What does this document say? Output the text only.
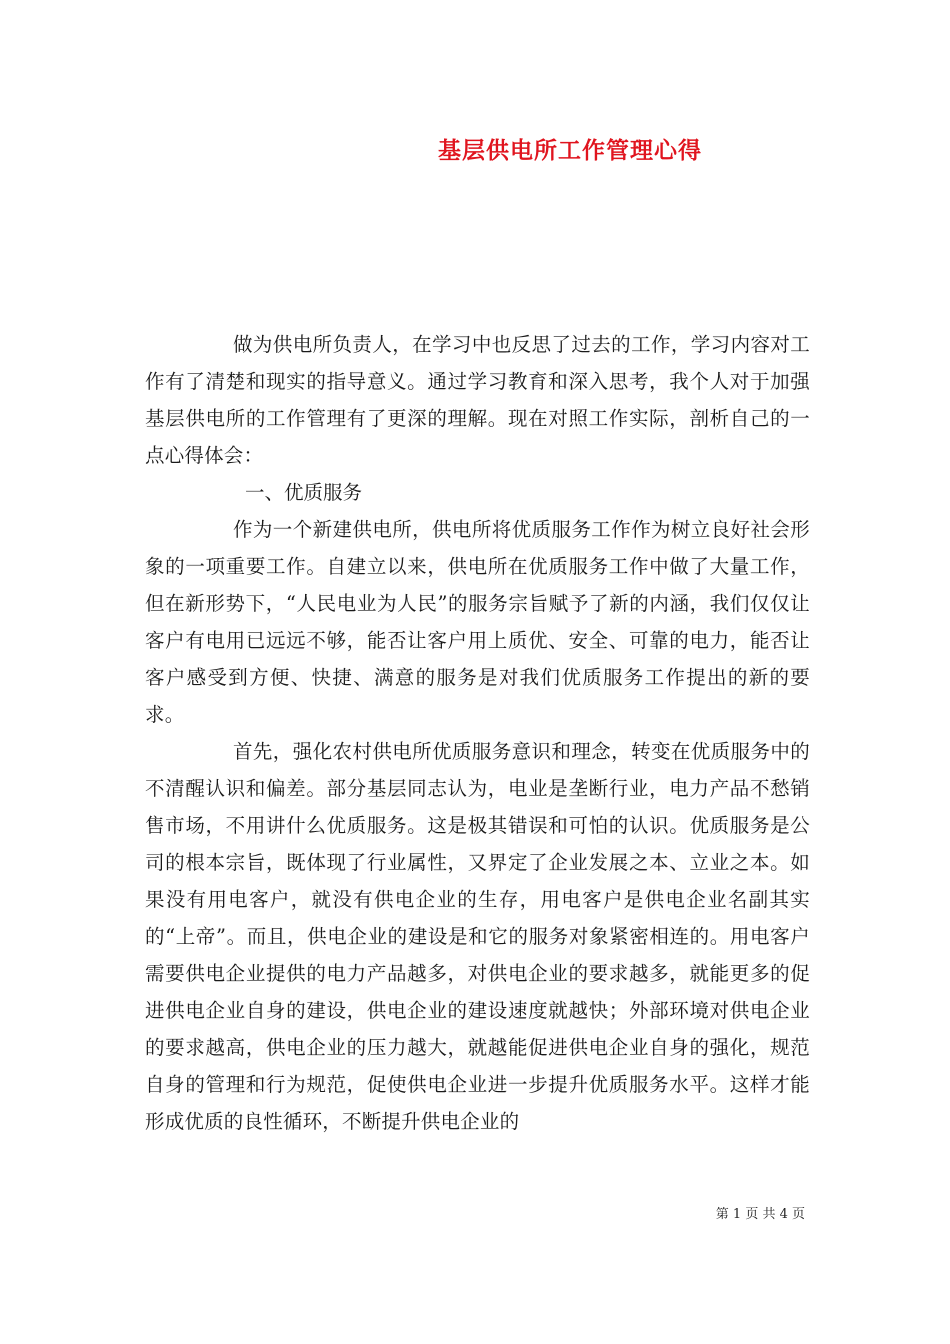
基层供电所工作管理心得

做为供电所负责人，在学习中也反思了过去的工作，学习内容对工作有了清楚和现实的指导意义。通过学习教育和深入思考，我个人对于加强基层供电所的工作管理有了更深的理解。现在对照工作实际，剖析自己的一点心得体会：

一、优质服务

作为一个新建供电所，供电所将优质服务工作作为树立良好社会形象的一项重要工作。自建立以来，供电所在优质服务工作中做了大量工作，但在新形势下，“人民电业为人民”的服务宗旨赋予了新的内涵，我们仅仅让客户有电用已远远不够，能否让客户用上质优、安全、可靠的电力，能否让客户感受到方便、快捷、满意的服务是对我们优质服务工作提出的新的要求。

首先，强化农村供电所优质服务意识和理念，转变在优质服务中的不清醒认识和偏差。部分基层同志认为，电业是垄断行业，电力产品不愁销售市场，不用讲什么优质服务。这是极其错误和可怕的认识。优质服务是公司的根本宗旨，既体现了行业属性，又界定了企业发展之本、立业之本。如果没有用电客户，就没有供电企业的生存，用电客户是供电企业名副其实的“上帝”。而且，供电企业的建设是和它的服务对象紧密相连的。用电客户需要供电企业提供的电力产品越多，对供电企业的要求越多，就能更多的促进供电企业自身的建设，供电企业的建设速度就越快；外部环境对供电企业的要求越高，供电企业的压力越大，就越能促进供电企业自身的强化，规范自身的管理和行为规范，促使供电企业进一步提升优质服务水平。这样才能形成优质的良性循环，不断提升供电企业的

第 1 页 共 4 页
